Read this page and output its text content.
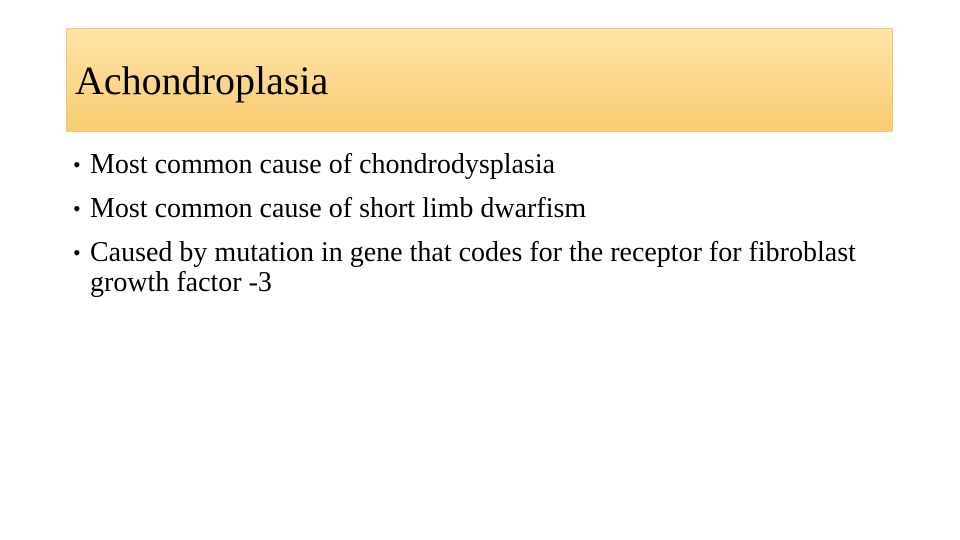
Achondroplasia
• Most common cause of chondrodysplasia
• Most common cause of short limb dwarfism
• Caused by mutation in gene that codes for the receptor for fibroblast growth factor -3
